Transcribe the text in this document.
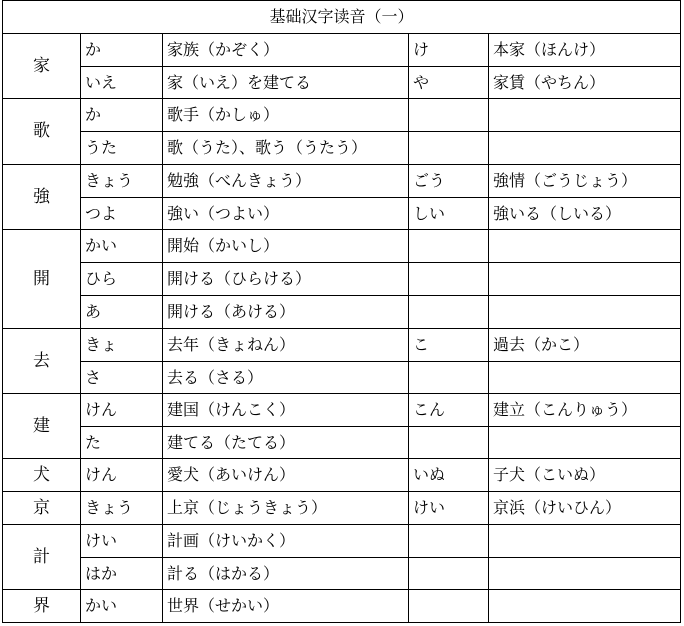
基础汉字读音（一）				
家	か	家族（かぞく）	け	本家（ほんけ）
	いえ	家（いえ）を建てる	や	家賃（やちん）
歌	か	歌手（かしゅ）		
	うた	歌（うた）、歌う（うたう）		
強	きょう	勉強（べんきょう）	ごう	強情（ごうじょう）
	つよ	強い（つよい）	しい	強いる（しいる）
開	かい	開始（かいし）		
	ひら	開ける（ひらける）		
	あ	開ける（あける）		
去	きょ	去年（きょねん）	こ	過去（かこ）
	さ	去る（さる）		
建	けん	建国（けんこく）	こん	建立（こんりゅう）
	た	建てる（たてる）		
犬	けん	愛犬（あいけん）	いぬ	子犬（こいぬ）
京	きょう	上京（じょうきょう）	けい	京浜（けいひん）
計	けい	計画（けいかく）		
	はか	計る（はかる）		
界	かい	世界（せかい）		
